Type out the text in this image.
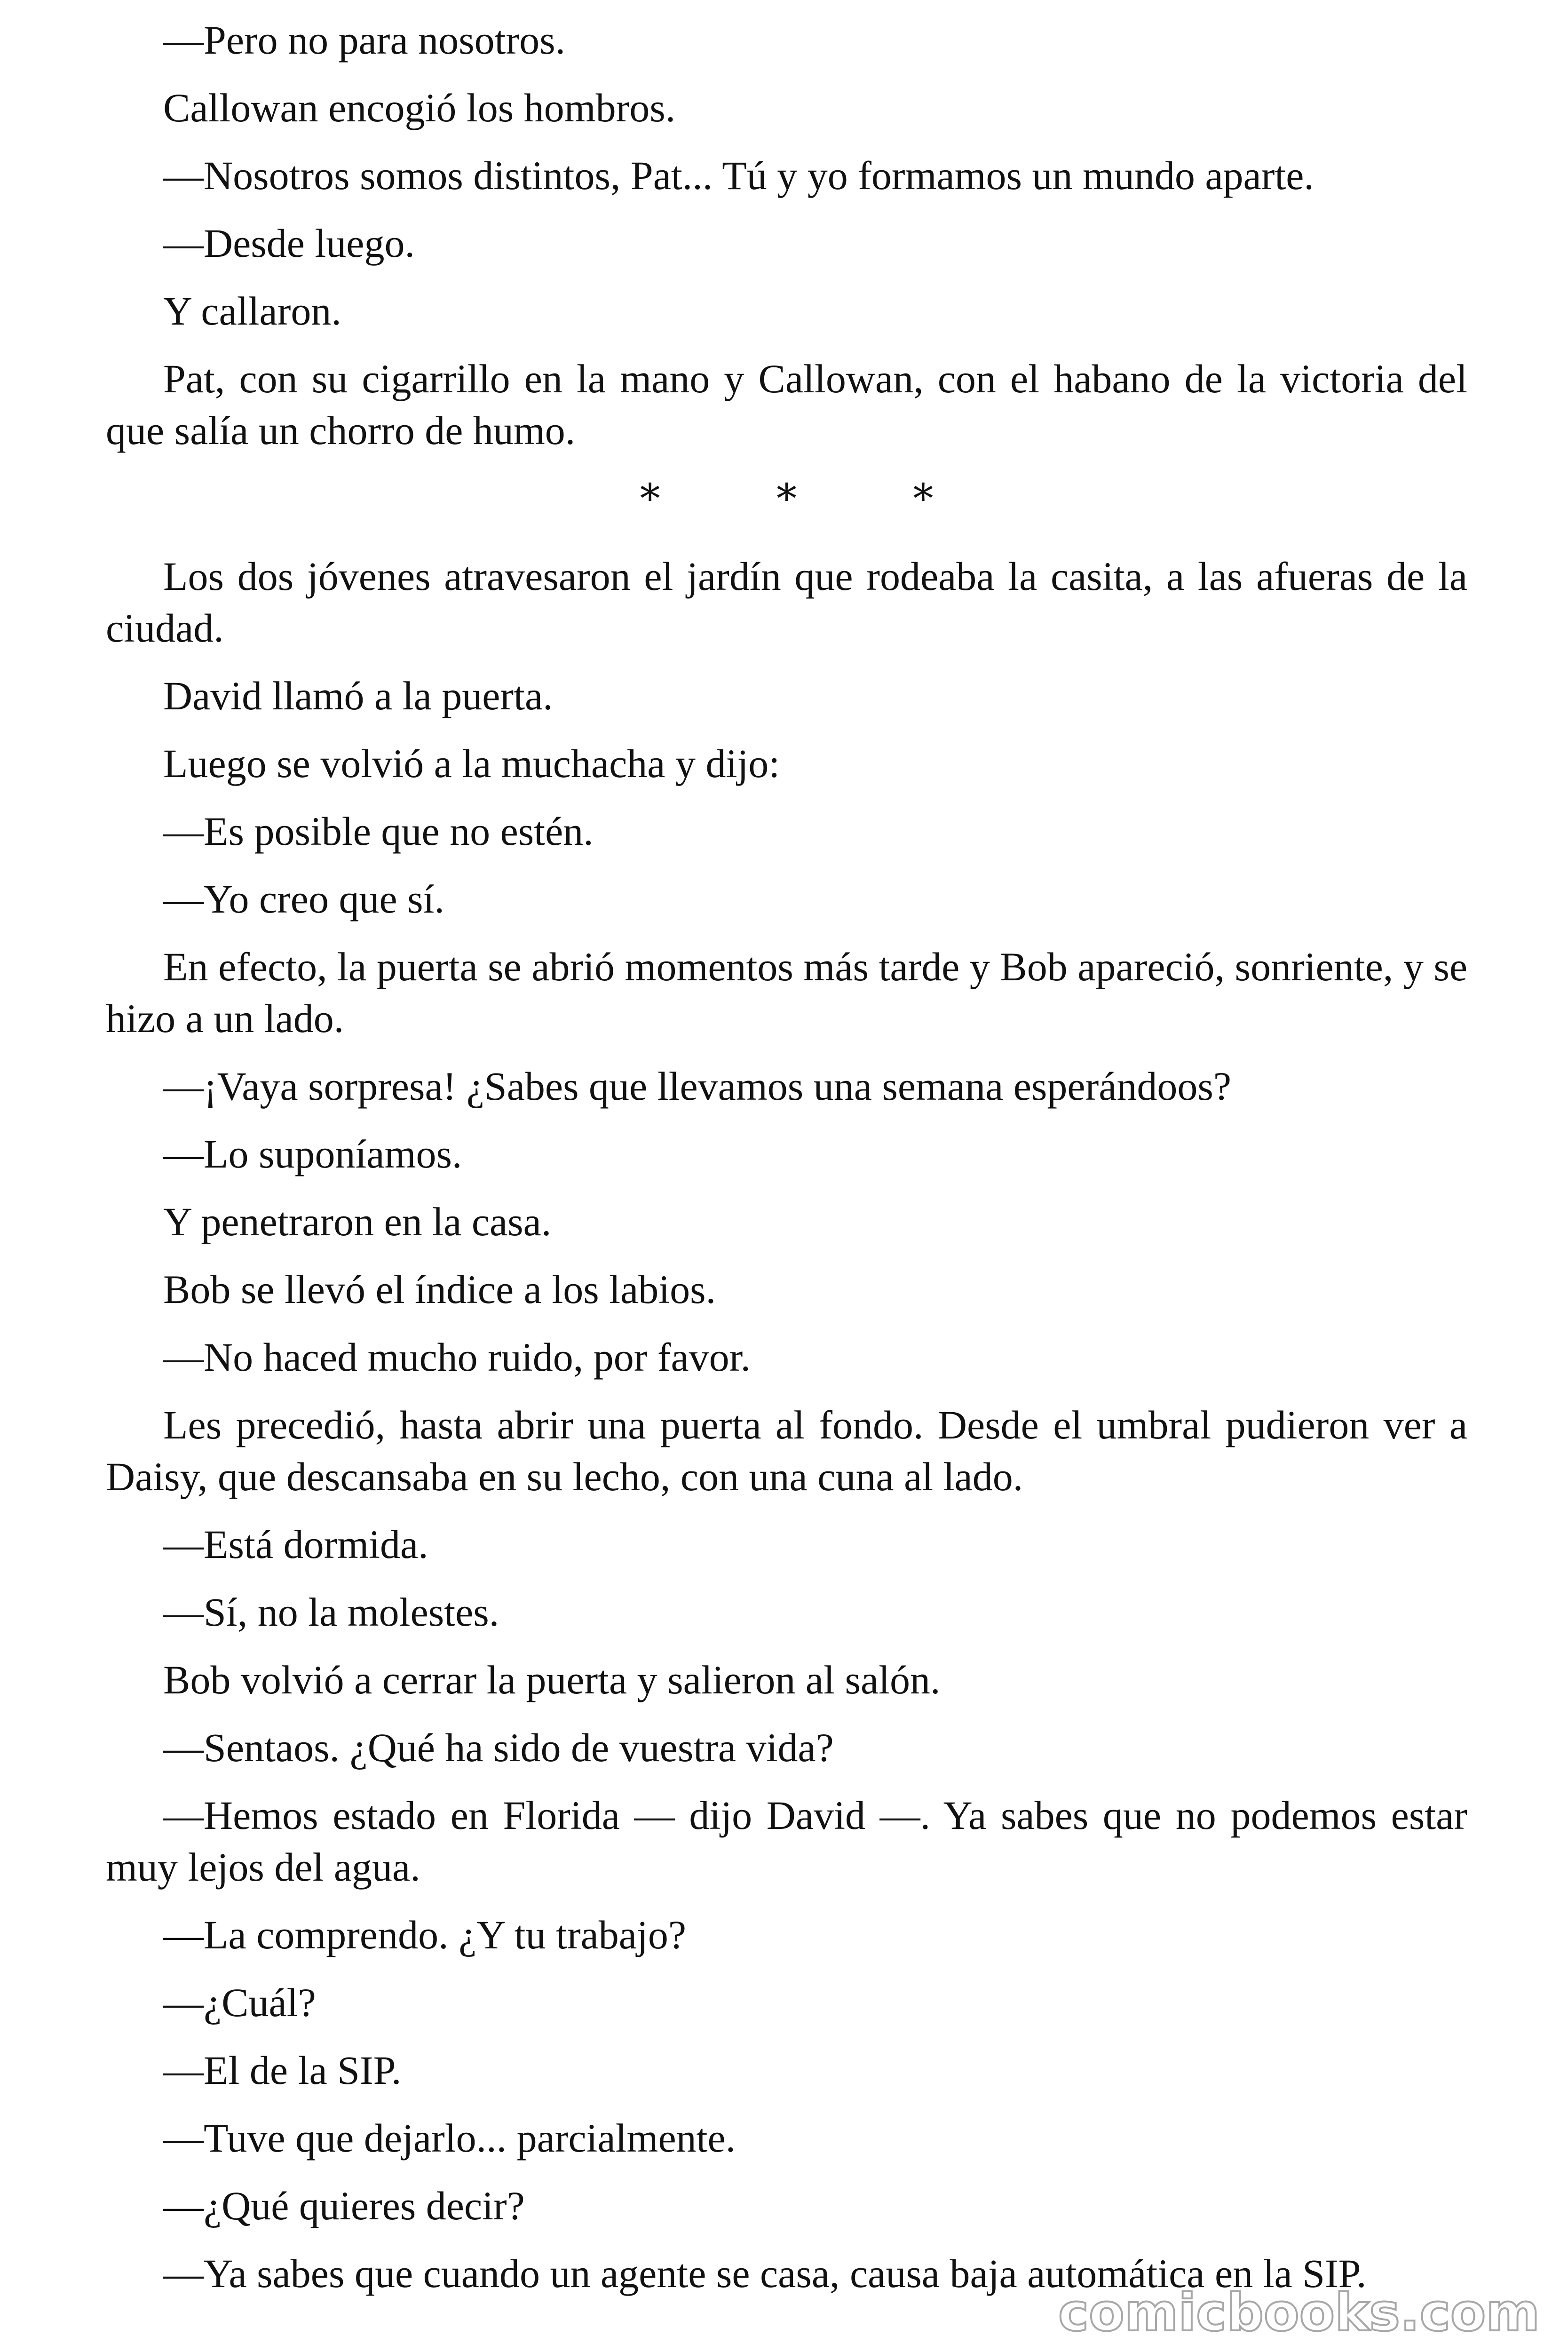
—Pero no para nosotros.

Callowan encogió los hombros.

—Nosotros somos distintos, Pat... Tú y yo formamos un mundo aparte.

—Desde luego.

Y callaron.

Pat, con su cigarrillo en la mano y Callowan, con el habano de la victoria del que salía un chorro de humo.

* * *

Los dos jóvenes atravesaron el jardín que rodeaba la casita, a las afueras de la ciudad.

David llamó a la puerta.

Luego se volvió a la muchacha y dijo:

—Es posible que no estén.

—Yo creo que sí.

En efecto, la puerta se abrió momentos más tarde y Bob apareció, sonriente, y se hizo a un lado.

—¡Vaya sorpresa! ¿Sabes que llevamos una semana esperándoos?

—Lo suponíamos.

Y penetraron en la casa.

Bob se llevó el índice a los labios.

—No haced mucho ruido, por favor.

Les precedió, hasta abrir una puerta al fondo. Desde el umbral pudieron ver a Daisy, que descansaba en su lecho, con una cuna al lado.

—Está dormida.

—Sí, no la molestes.

Bob volvió a cerrar la puerta y salieron al salón.

—Sentaos. ¿Qué ha sido de vuestra vida?

—Hemos estado en Florida — dijo David —. Ya sabes que no podemos estar muy lejos del agua.

—La comprendo. ¿Y tu trabajo?

—¿Cuál?

—El de la SIP.

—Tuve que dejarlo... parcialmente.

—¿Qué quieres decir?

—Ya sabes que cuando un agente se casa, causa baja automática en la SIP.

comicbooks.com
